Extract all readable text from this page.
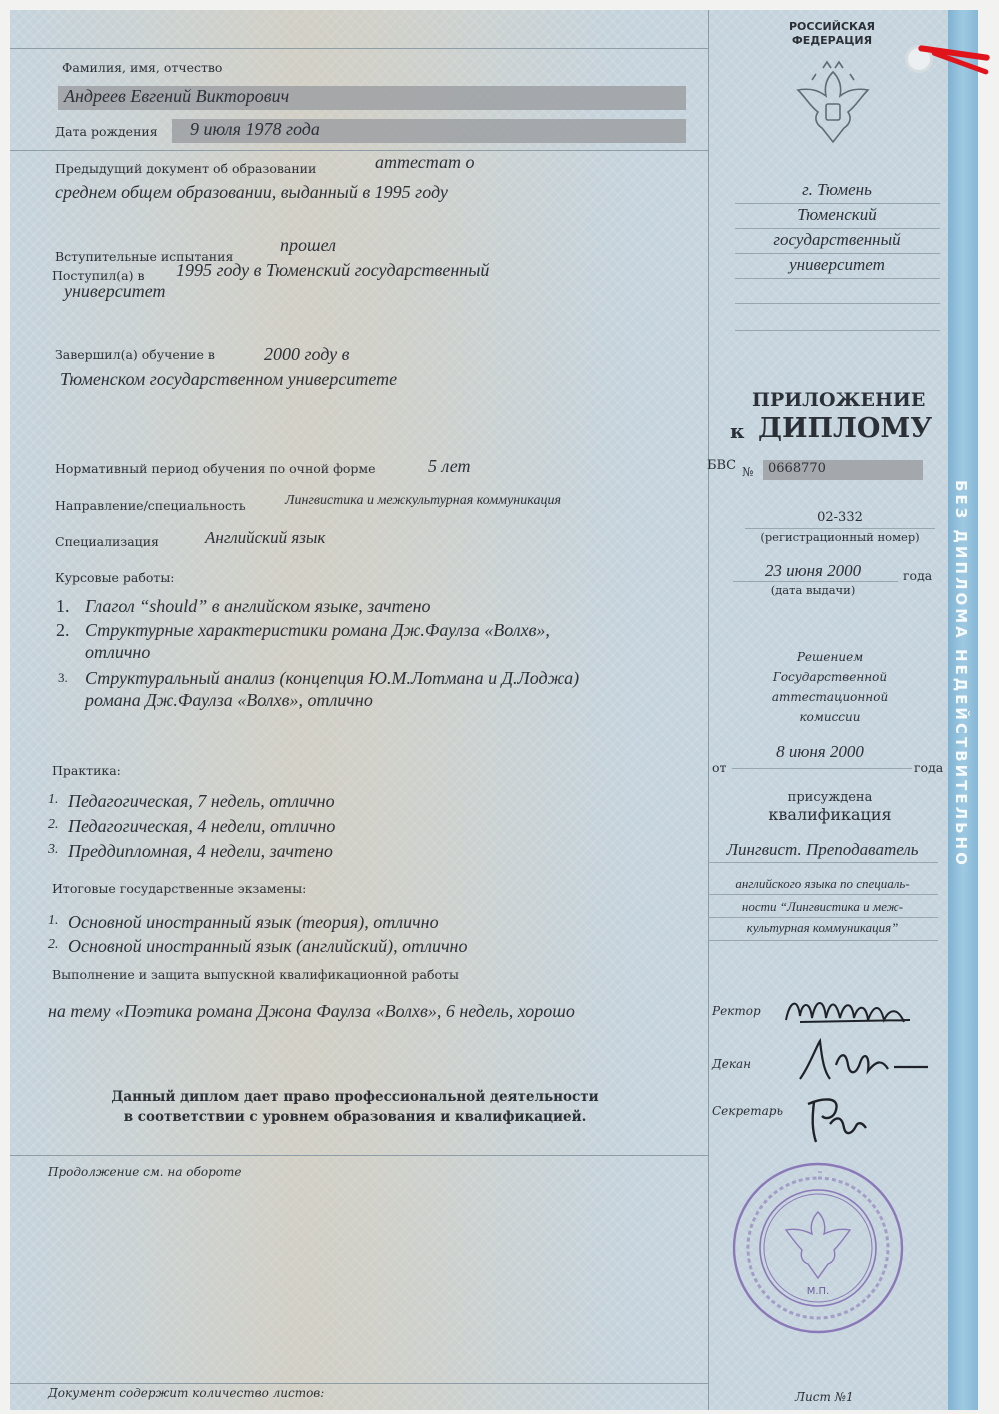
Фамилия, имя, отчество
Андреев Евгений Викторович
Дата рождения 9 июля 1978 года
Предыдущий документ об образовании	аттестат о
среднем общем образовании, выданный в 1995 году
Вступительные испытания
прошел
Поступил(а) в 1995 году в Тюменский государственный
университет
Завершил(а) обучение в	2000 году в
Тюменском государственном университете
Нормативный период обучения по очной форме	5 лет
Направление/специальность	Лингвистика и межкультурная коммуникация
Специализация	Английский язык
Курсовые работы:
1. Глагол “should” в английском языке, зачтено
2. Структурные характеристики романа Дж.Фаулза «Волхв»,
отлично
3. Структуральный анализ (концепция Ю.М.Лотмана и Д.Лоджа)
романа Дж.Фаулза «Волхв», отлично
Практика:
1. Педагогическая, 7 недель, отлично
2. Педагогическая, 4 недели, отлично
3. Преддипломная, 4 недели, зачтено
Итоговые государственные экзамены:
1. Основной иностранный язык (теория), отлично
2. Основной иностранный язык (английский), отлично
Выполнение и защита выпускной квалификационной работы
на тему «Поэтика романа Джона Фаулза «Волхв», 6 недель, хорошо
Данный диплом дает право профессиональной деятельности
в соответствии с уровнем образования и квалификацией.
Продолжение см. на обороте
Документ содержит количество листов:	Лист №1
РОССИЙСКАЯ
ФЕДЕРАЦИЯ
г. Тюмень
Тюменский
государственный
университет
ПРИЛОЖЕНИЕ
к ДИПЛОМУ
БВС № 0668770
02-332
(регистрационный номер)
23 июня 2000	года
(дата выдачи)
Решением
Государственной
аттестационной
комиссии
от
8 июня 2000
года
присуждена
квалификация
Лингвист. Преподаватель
английского языка по специаль-
ности “Лингвистика и меж-
культурная коммуникация”
Ректор
Декан
Секретарь
М.П.
БЕЗ ДИПЛОМА НЕДЕЙСТВИТЕЛЬНО
